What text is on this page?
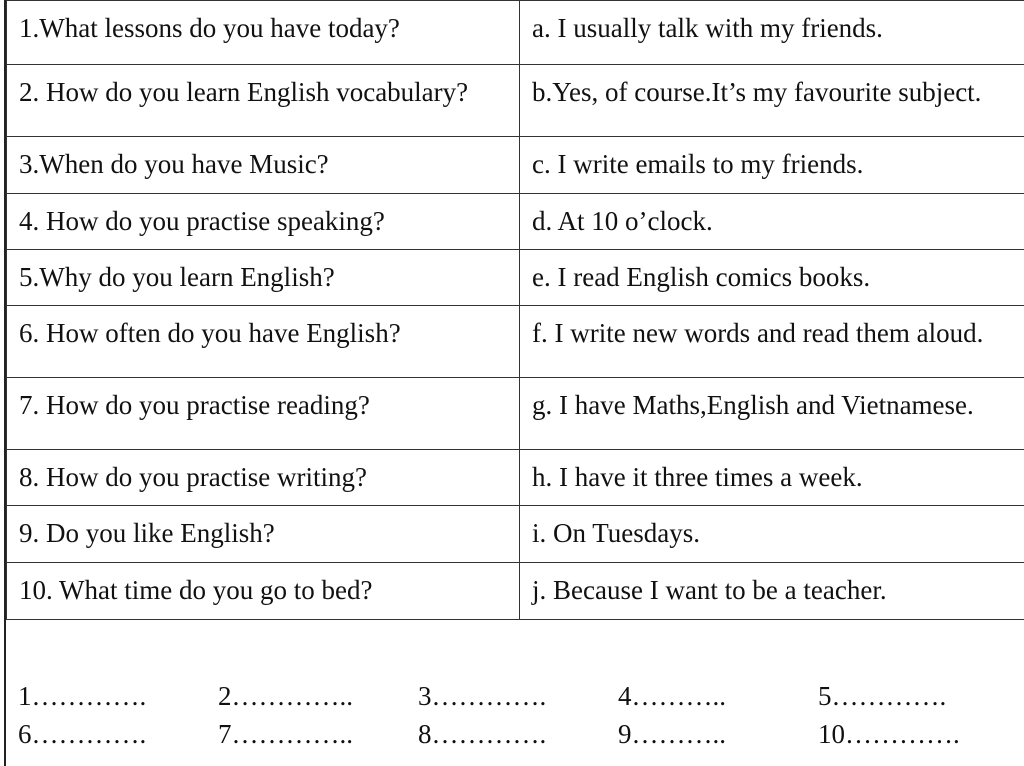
1.What lessons do you have today?	a. I usually talk with my friends.
2. How do you learn English vocabulary?	b.Yes, of course.It’s my favourite subject.
3.When do you have Music?	c. I write emails to my friends.
4. How do you practise speaking?	d. At 10 o’clock.
5.Why do you learn English?	e. I read English comics books.
6. How often do you have English?	f. I write new words and read them aloud.
7. How do you practise reading?	g. I have Maths,English and Vietnamese.
8. How do you practise writing?	h. I have it three times a week.
9. Do you like English?	i. On Tuesdays.
10. What time do you go to bed?	j. Because I want to be a teacher.
1………….	2…………..	3………….	4………..	5………….
6………….	7…………..	8………….	9………..	10………….
